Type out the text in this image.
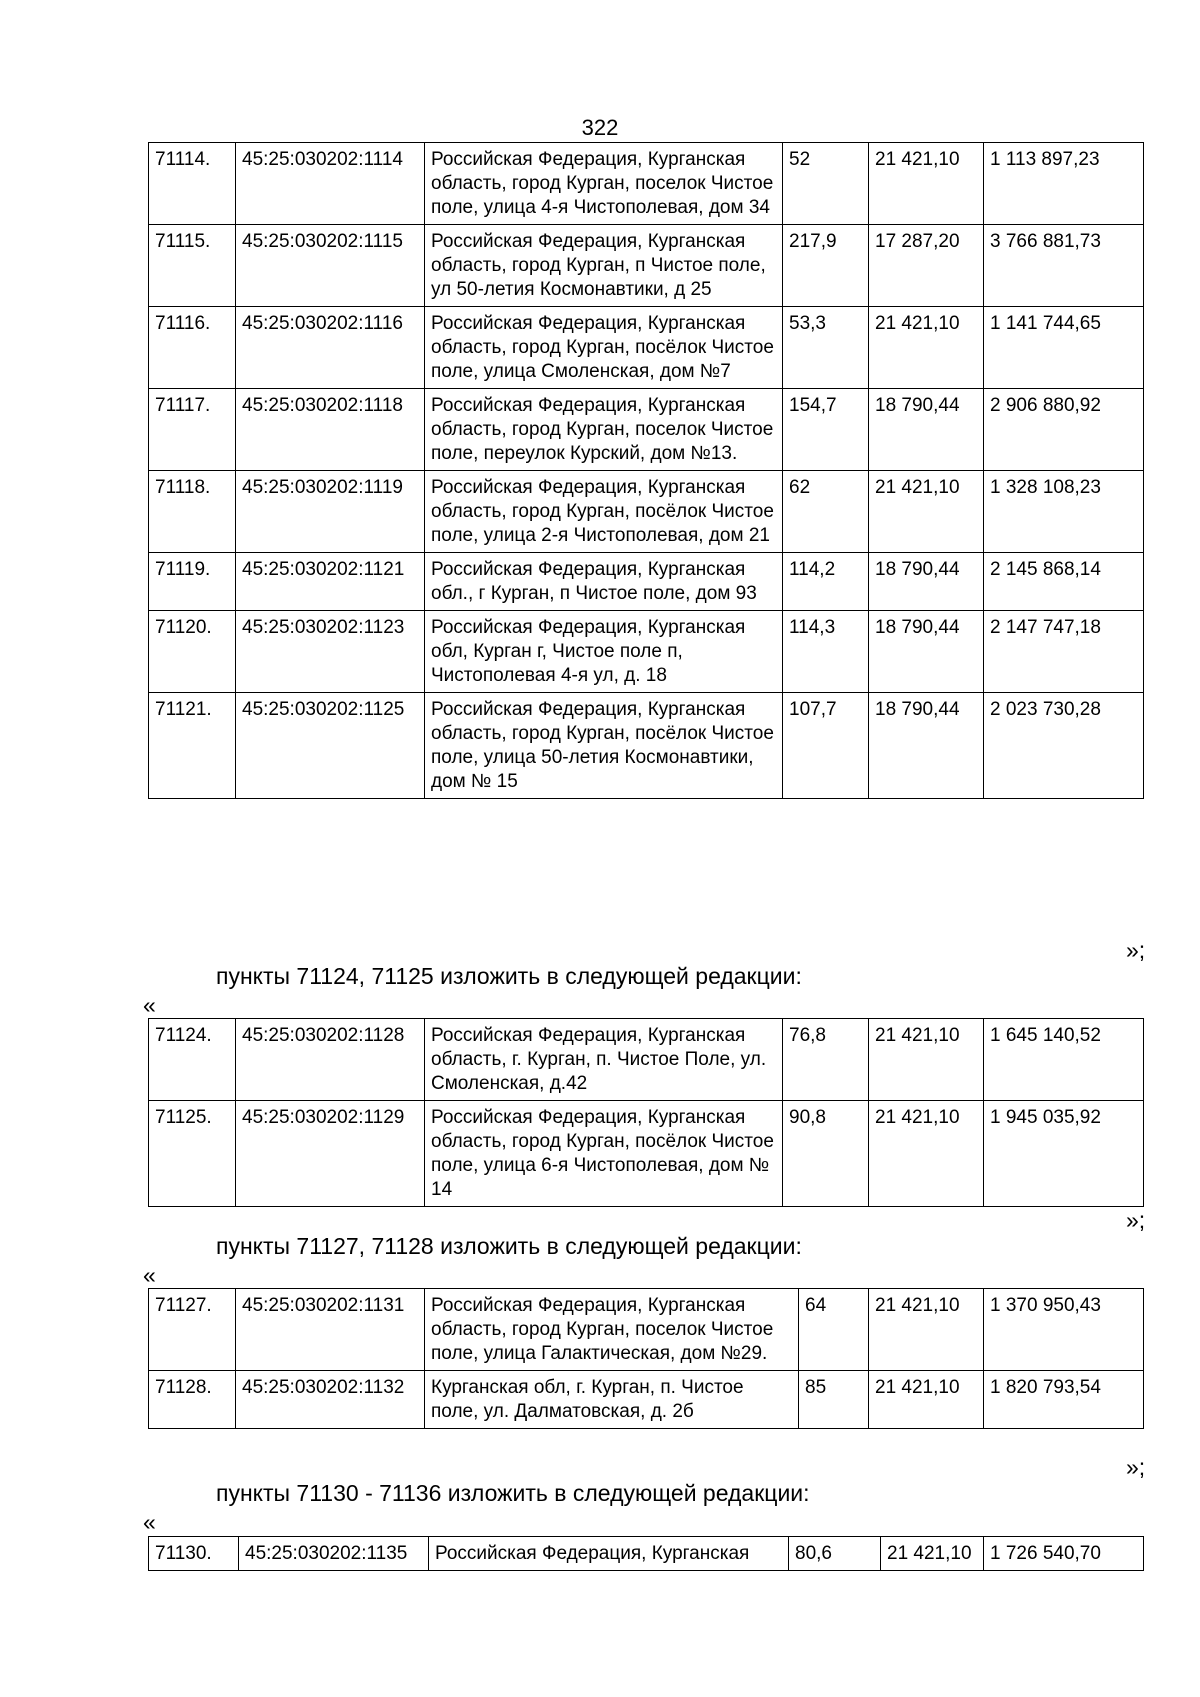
322
71114.	45:25:030202:1114	Российская Федерация, Курганская область, город Курган, поселок Чистое поле, улица 4-я Чистополевая, дом 34	52	21 421,10	1 113 897,23
71115.	45:25:030202:1115	Российская Федерация, Курганская область, город Курган, п Чистое поле, ул 50-летия Космонавтики, д 25	217,9	17 287,20	3 766 881,73
71116.	45:25:030202:1116	Российская Федерация, Курганская область, город Курган, посёлок Чистое поле, улица Смоленская, дом №7	53,3	21 421,10	1 141 744,65
71117.	45:25:030202:1118	Российская Федерация, Курганская область, город Курган, поселок Чистое поле, переулок Курский, дом №13.	154,7	18 790,44	2 906 880,92
71118.	45:25:030202:1119	Российская Федерация, Курганская область, город Курган, посёлок Чистое поле, улица 2-я Чистополевая, дом 21	62	21 421,10	1 328 108,23
71119.	45:25:030202:1121	Российская Федерация, Курганская обл., г Курган, п Чистое поле, дом 93	114,2	18 790,44	2 145 868,14
71120.	45:25:030202:1123	Российская Федерация, Курганская обл, Курган г, Чистое поле п, Чистополевая 4-я ул, д. 18	114,3	18 790,44	2 147 747,18
71121.	45:25:030202:1125	Российская Федерация, Курганская область, город Курган, посёлок Чистое поле, улица 50-летия Космонавтики, дом № 15	107,7	18 790,44	2 023 730,28
»;
пункты 71124, 71125 изложить в следующей редакции:
«
71124.	45:25:030202:1128	Российская Федерация, Курганская область, г. Курган, п. Чистое Поле, ул. Смоленская, д.42	76,8	21 421,10	1 645 140,52
71125.	45:25:030202:1129	Российская Федерация, Курганская область, город Курган, посёлок Чистое поле, улица 6-я Чистополевая, дом № 14	90,8	21 421,10	1 945 035,92
»;
пункты 71127, 71128 изложить в следующей редакции:
«
71127.	45:25:030202:1131	Российская Федерация, Курганская область, город Курган, поселок Чистое поле, улица Галактическая, дом №29.	64	21 421,10	1 370 950,43
71128.	45:25:030202:1132	Курганская обл, г. Курган, п. Чистое поле, ул. Далматовская, д. 2б	85	21 421,10	1 820 793,54
»;
пункты 71130 - 71136 изложить в следующей редакции:
«
71130.	45:25:030202:1135	Российская Федерация, Курганская	80,6	21 421,10	1 726 540,70
